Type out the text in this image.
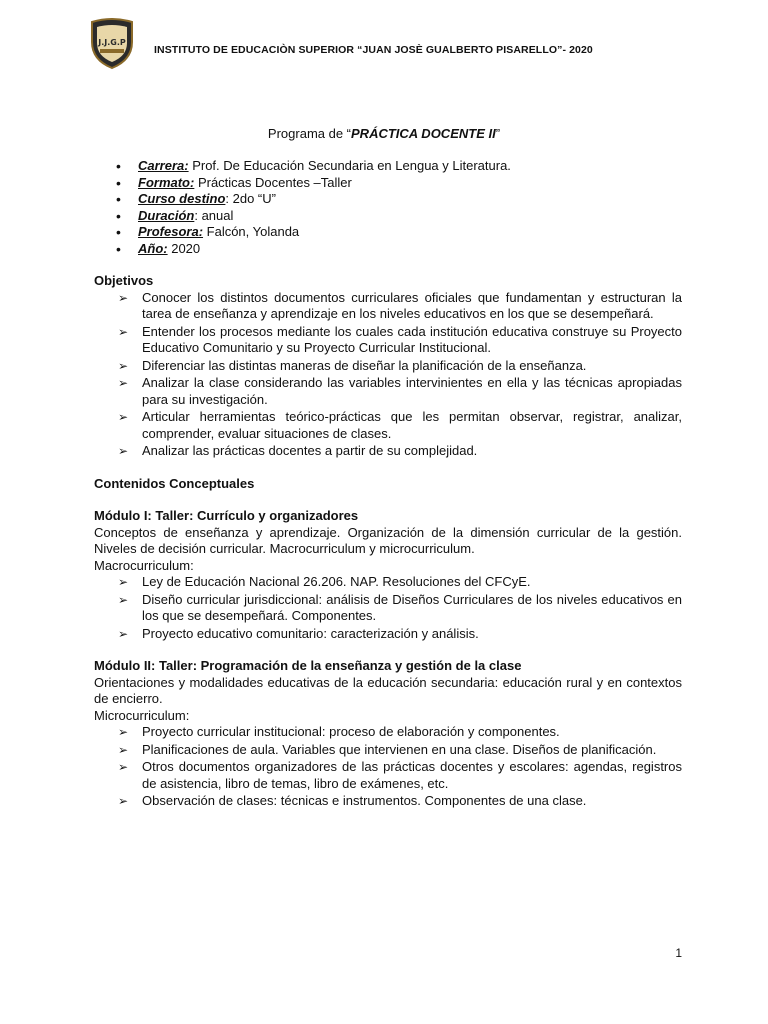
J.J.G.P
INSTITUTO DE EDUCACIÒN SUPERIOR “JUAN JOSÈ GUALBERTO PISARELLO”- 2020
Programa de “PRÁCTICA DOCENTE II”
• Carrera: Prof. De Educación Secundaria en Lengua y Literatura.
• Formato: Prácticas Docentes –Taller
• Curso destino: 2do “U”
• Duración: anual
• Profesora: Falcón, Yolanda
• Año: 2020
Objetivos
➢ Conocer los distintos documentos curriculares oficiales que fundamentan y estructuran la tarea de enseñanza y aprendizaje en los niveles educativos en los que se desempeñará.
➢ Entender los procesos mediante los cuales cada institución educativa construye su Proyecto Educativo Comunitario y su Proyecto Curricular Institucional.
➢ Diferenciar las distintas maneras de diseñar la planificación de la enseñanza.
➢ Analizar la clase considerando las variables intervinientes en ella y las técnicas apropiadas para su investigación.
➢ Articular herramientas teórico-prácticas que les permitan observar, registrar, analizar, comprender, evaluar situaciones de clases.
➢ Analizar las prácticas docentes a partir de su complejidad.
Contenidos Conceptuales
Módulo I: Taller: Currículo y organizadores
Conceptos de enseñanza y aprendizaje. Organización de la dimensión curricular de la gestión. Niveles de decisión curricular. Macrocurriculum y microcurriculum.
Macrocurriculum:
➢ Ley de Educación Nacional 26.206. NAP. Resoluciones del CFCyE.
➢ Diseño curricular jurisdiccional: análisis de Diseños Curriculares de los niveles educativos en los que se desempeñará. Componentes.
➢ Proyecto educativo comunitario: caracterización y análisis.
Módulo II: Taller: Programación de la enseñanza y gestión de la clase
Orientaciones y modalidades educativas de la educación secundaria: educación rural y en contextos de encierro.
Microcurriculum:
➢ Proyecto curricular institucional: proceso de elaboración y componentes.
➢ Planificaciones de aula. Variables que intervienen en una clase. Diseños de planificación.
➢ Otros documentos organizadores de las prácticas docentes y escolares: agendas, registros de asistencia, libro de temas, libro de exámenes, etc.
➢ Observación de clases: técnicas e instrumentos. Componentes de una clase.
1
